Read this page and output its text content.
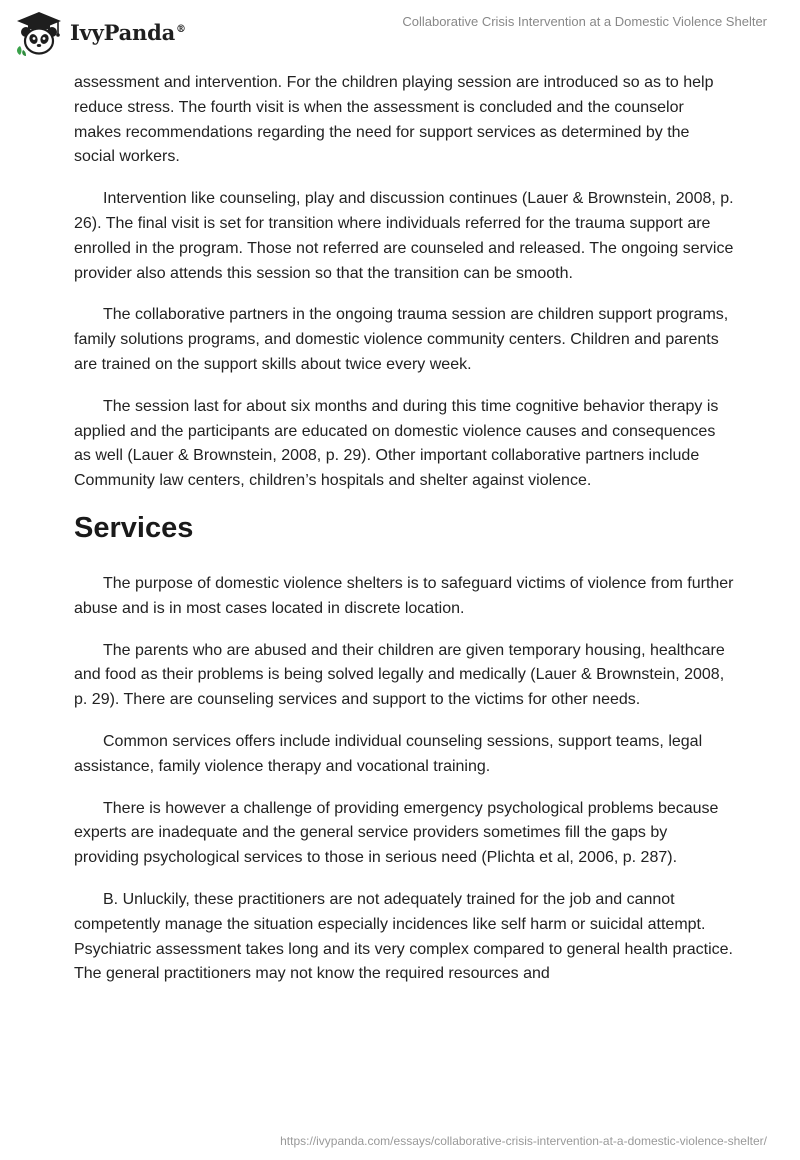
IvyPanda®	Collaborative Crisis Intervention at a Domestic Violence Shelter

assessment and intervention. For the children playing session are introduced so as to help reduce stress. The fourth visit is when the assessment is concluded and the counselor makes recommendations regarding the need for support services as determined by the social workers.

Intervention like counseling, play and discussion continues (Lauer & Brownstein, 2008, p. 26). The final visit is set for transition where individuals referred for the trauma support are enrolled in the program. Those not referred are counseled and released. The ongoing service provider also attends this session so that the transition can be smooth.

The collaborative partners in the ongoing trauma session are children support programs, family solutions programs, and domestic violence community centers. Children and parents are trained on the support skills about twice every week.

The session last for about six months and during this time cognitive behavior therapy is applied and the participants are educated on domestic violence causes and consequences as well (Lauer & Brownstein, 2008, p. 29). Other important collaborative partners include Community law centers, children’s hospitals and shelter against violence.

Services

The purpose of domestic violence shelters is to safeguard victims of violence from further abuse and is in most cases located in discrete location.

The parents who are abused and their children are given temporary housing, healthcare and food as their problems is being solved legally and medically (Lauer & Brownstein, 2008, p. 29). There are counseling services and support to the victims for other needs.

Common services offers include individual counseling sessions, support teams, legal assistance, family violence therapy and vocational training.

There is however a challenge of providing emergency psychological problems because experts are inadequate and the general service providers sometimes fill the gaps by providing psychological services to those in serious need (Plichta et al, 2006, p. 287).

B. Unluckily, these practitioners are not adequately trained for the job and cannot competently manage the situation especially incidences like self harm or suicidal attempt. Psychiatric assessment takes long and its very complex compared to general health practice. The general practitioners may not know the required resources and

https://ivypanda.com/essays/collaborative-crisis-intervention-at-a-domestic-violence-shelter/
